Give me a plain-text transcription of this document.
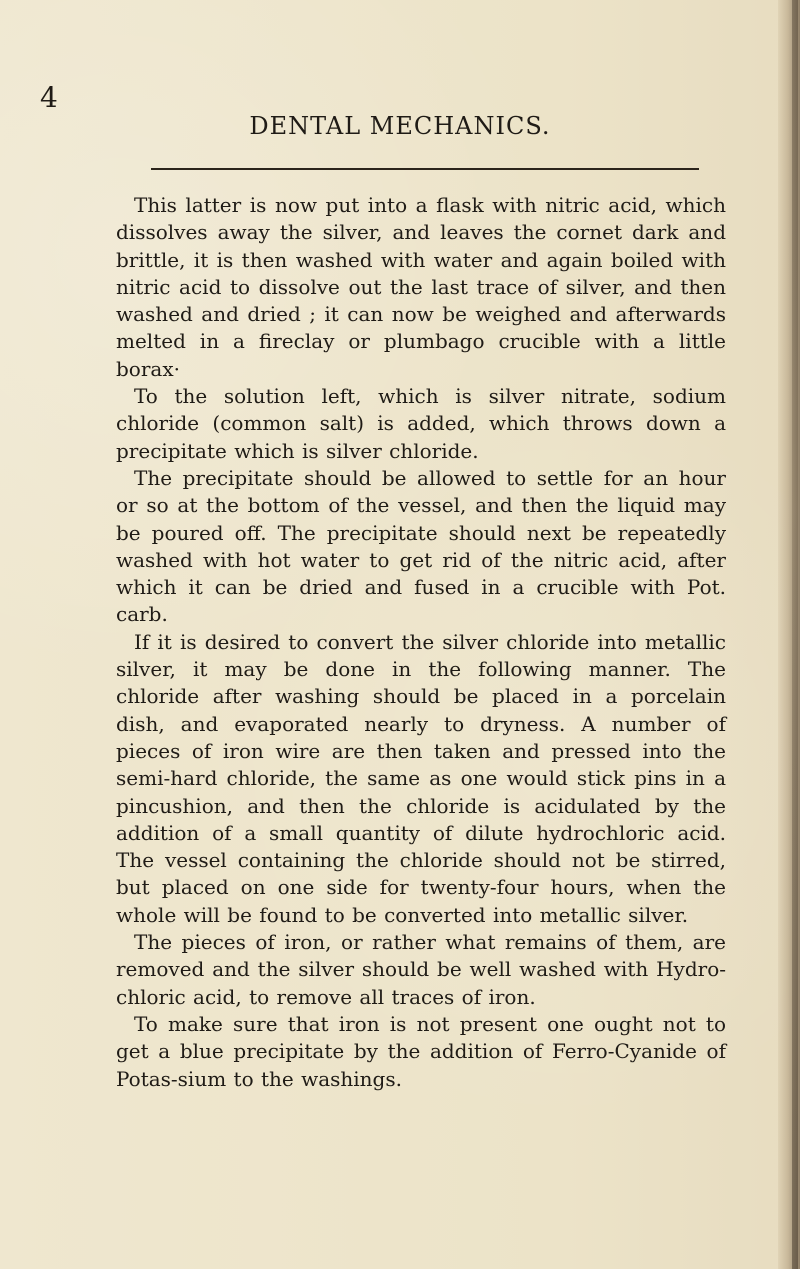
4
DENTAL MECHANICS.

This latter is now put into a flask with nitric acid, which dissolves away the silver, and leaves the cornet dark and brittle, it is then washed with water and again boiled with nitric acid to dissolve out the last trace of silver, and then washed and dried ; it can now be weighed and afterwards melted in a fireclay or plumbago crucible with a little borax·

To the solution left, which is silver nitrate, sodium chloride (common salt) is added, which throws down a precipitate which is silver chloride.

The precipitate should be allowed to settle for an hour or so at the bottom of the vessel, and then the liquid may be poured off. The precipitate should next be repeatedly washed with hot water to get rid of the nitric acid, after which it can be dried and fused in a crucible with Pot. carb.

If it is desired to convert the silver chloride into metallic silver, it may be done in the following manner. The chloride after washing should be placed in a porcelain dish, and evaporated nearly to dryness. A number of pieces of iron wire are then taken and pressed into the semi-hard chloride, the same as one would stick pins in a pincushion, and then the chloride is acidulated by the addition of a small quantity of dilute hydrochloric acid. The vessel containing the chloride should not be stirred, but placed on one side for twenty-four hours, when the whole will be found to be converted into metallic silver.

The pieces of iron, or rather what remains of them, are removed and the silver should be well washed with Hydro-chloric acid, to remove all traces of iron.

To make sure that iron is not present one ought not to get a blue precipitate by the addition of Ferro-Cyanide of Potas-sium to the washings.
